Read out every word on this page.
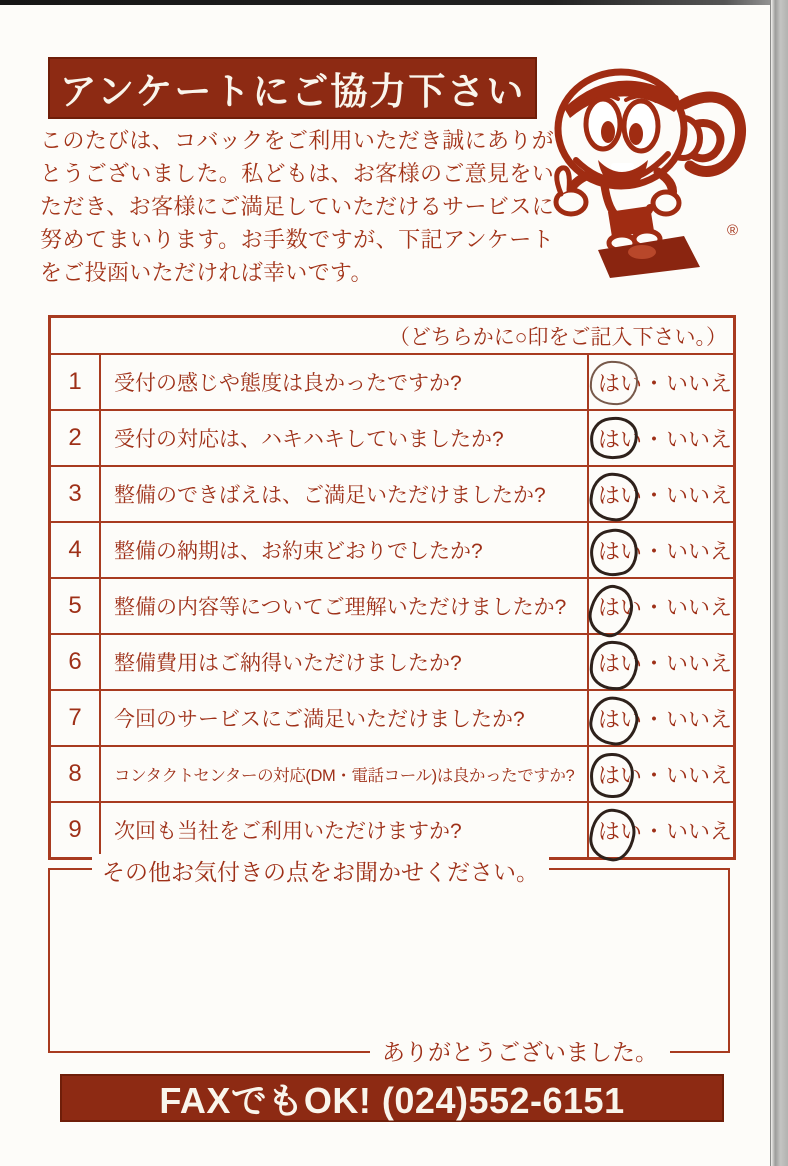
アンケートにご協力下さい
®

このたびは、コバックをご利用いただき誠にありがとうございました。私どもは、お客様のご意見をいただき、お客様にご満足していただけるサービスに努めてまいります。お手数ですが、下記アンケートをご投函いただければ幸いです。

（どちらかに○印をご記入下さい。）		
1	受付の感じや態度は良かったですか?	はい・いいえ
2	受付の対応は、ハキハキしていましたか?	はい・いいえ
3	整備のできばえは、ご満足いただけましたか?	はい・いいえ
4	整備の納期は、お約束どおりでしたか?	はい・いいえ
5	整備の内容等についてご理解いただけましたか?	はい・いいえ
6	整備費用はご納得いただけましたか?	はい・いいえ
7	今回のサービスにご満足いただけましたか?	はい・いいえ
8	コンタクトセンターの対応(DM・電話コール)は良かったですか?	はい・いいえ
9	次回も当社をご利用いただけますか?	はい・いいえ
その他お気付きの点をお聞かせください。
ありがとうございました。
FAXでもOK! (024)552-6151
